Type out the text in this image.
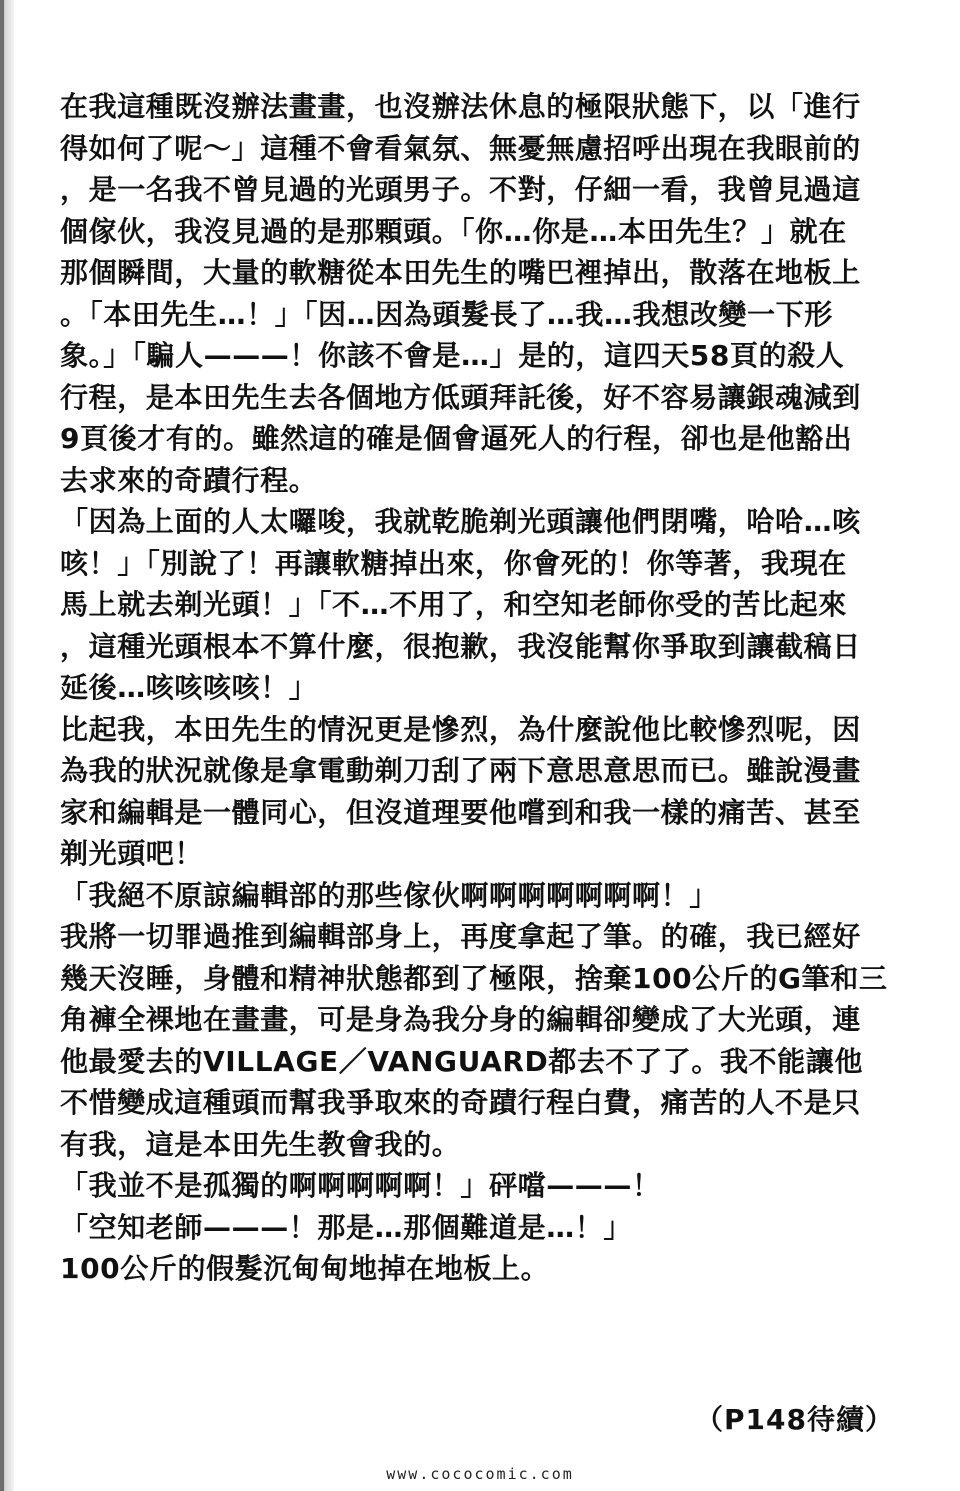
在我這種既沒辦法畫畫，也沒辦法休息的極限狀態下，以「進行
得如何了呢～」這種不會看氣氛、無憂無慮招呼出現在我眼前的
，是一名我不曾見過的光頭男子。不對，仔細一看，我曾見過這
個傢伙，我沒見過的是那顆頭。「你…你是…本田先生？」就在
那個瞬間，大量的軟糖從本田先生的嘴巴裡掉出，散落在地板上
。「本田先生…！」「因…因為頭髮長了…我…我想改變一下形
象。」「騙人———！你該不會是…」是的，這四天58頁的殺人
行程，是本田先生去各個地方低頭拜託後，好不容易讓銀魂減到
9頁後才有的。雖然這的確是個會逼死人的行程，卻也是他豁出
去求來的奇蹟行程。
「因為上面的人太囉唆，我就乾脆剃光頭讓他們閉嘴，哈哈…咳
咳！」「別說了！再讓軟糖掉出來，你會死的！你等著，我現在
馬上就去剃光頭！」「不…不用了，和空知老師你受的苦比起來
，這種光頭根本不算什麼，很抱歉，我沒能幫你爭取到讓截稿日
延後…咳咳咳咳！」
比起我，本田先生的情況更是慘烈，為什麼說他比較慘烈呢，因
為我的狀況就像是拿電動剃刀刮了兩下意思意思而已。雖說漫畫
家和編輯是一體同心，但沒道理要他嚐到和我一樣的痛苦、甚至
剃光頭吧！
「我絕不原諒編輯部的那些傢伙啊啊啊啊啊啊啊！」
我將一切罪過推到編輯部身上，再度拿起了筆。的確，我已經好
幾天沒睡，身體和精神狀態都到了極限，捨棄100公斤的G筆和三
角褲全裸地在畫畫，可是身為我分身的編輯卻變成了大光頭，連
他最愛去的VILLAGE／VANGUARD都去不了了。我不能讓他
不惜變成這種頭而幫我爭取來的奇蹟行程白費，痛苦的人不是只
有我，這是本田先生教會我的。
「我並不是孤獨的啊啊啊啊啊！」砰噹———！
「空知老師———！那是…那個難道是…！」
100公斤的假髮沉甸甸地掉在地板上。
（P148待續）
www.cococomic.com
